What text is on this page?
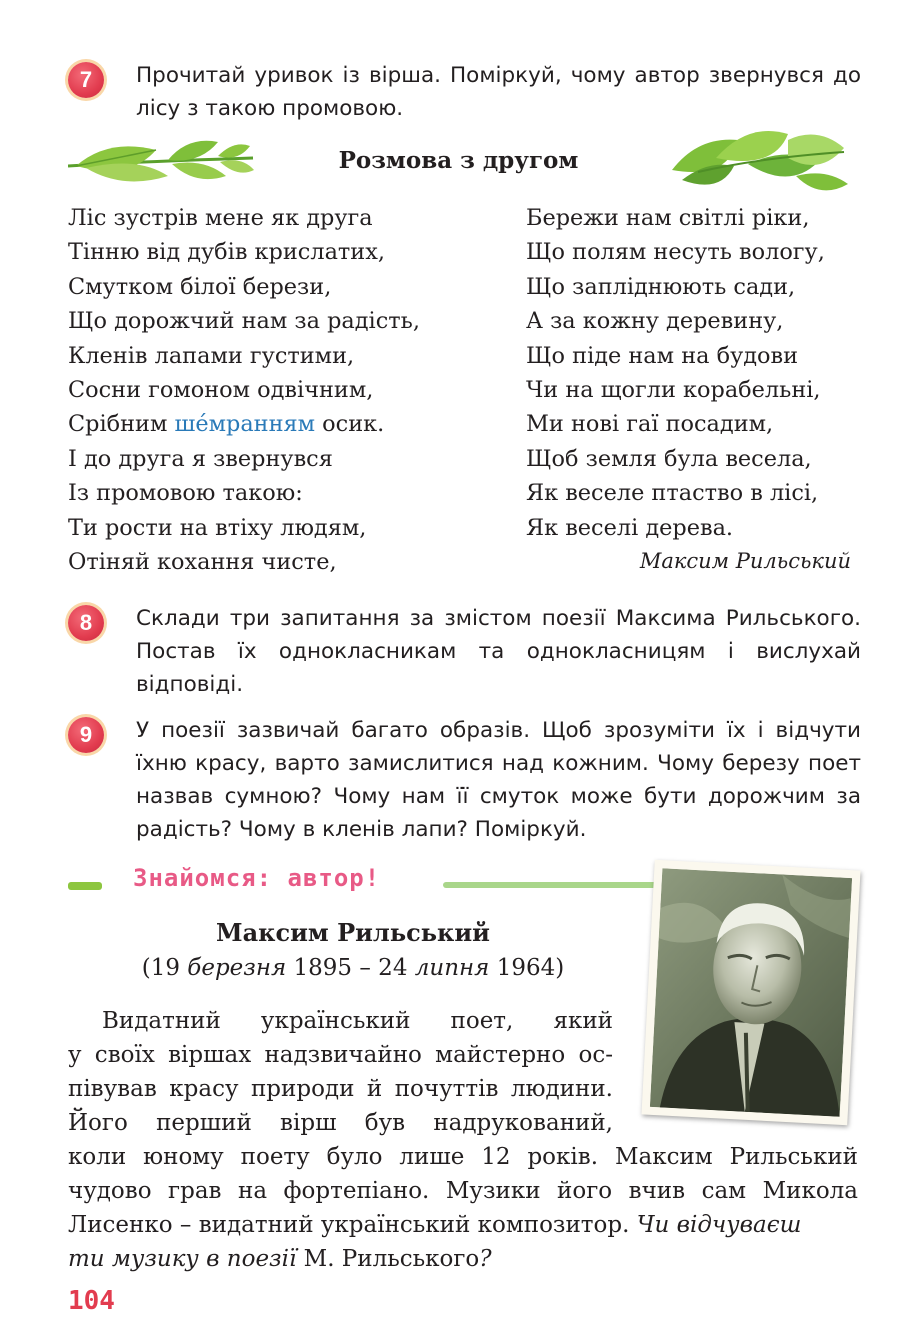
7	Прочитай уривок із вірша. Поміркуй, чому автор звернувся до лісу з такою промовою.
Розмова з другом
Ліс зустрів мене як друга
Тінню від дубів крислатих,
Смутком білої берези,
Що дорожчий нам за радість,
Кленів лапами густими,
Сосни гомоном одвічним,
Срібним шéмранням осик.
І до друга я звернувся
Із промовою такою:
Ти рости на втіху людям,
Отіняй кохання чисте,
Бережи нам світлі ріки,
Що полям несуть вологу,
Що запліднюють сади,
А за кожну деревину,
Що піде нам на будови
Чи на щогли корабельні,
Ми нові гаї посадим,
Щоб земля була весела,
Як веселе птаство в лісі,
Як веселі дерева.
Максим Рильський
8	Склади три запитання за змістом поезії Максима Рильського. Постав їх однокласникам та однокласницям і вислухай відповіді.
9	У поезії зазвичай багато образів. Щоб зрозуміти їх і відчути їхню красу, варто замислитися над кожним. Чому березу поет назвав сумною? Чому нам її смуток може бути дорожчим за радість? Чому в кленів лапи? Поміркуй.
Знайомся: автор!
Максим Рильський
(19 березня 1895 – 24 липня 1964)
Видатний український поет, який
у своїх віршах надзвичайно майстерно ос-
півував красу природи й почуттів людини.
Його перший вірш був надрукований,
коли юному поету було лише 12 років. Максим Рильський
чудово грав на фортепіано. Музики його вчив сам Микола
Лисенко – видатний український композитор. Чи відчуваєш
ти музику в поезії М. Рильського?
104
